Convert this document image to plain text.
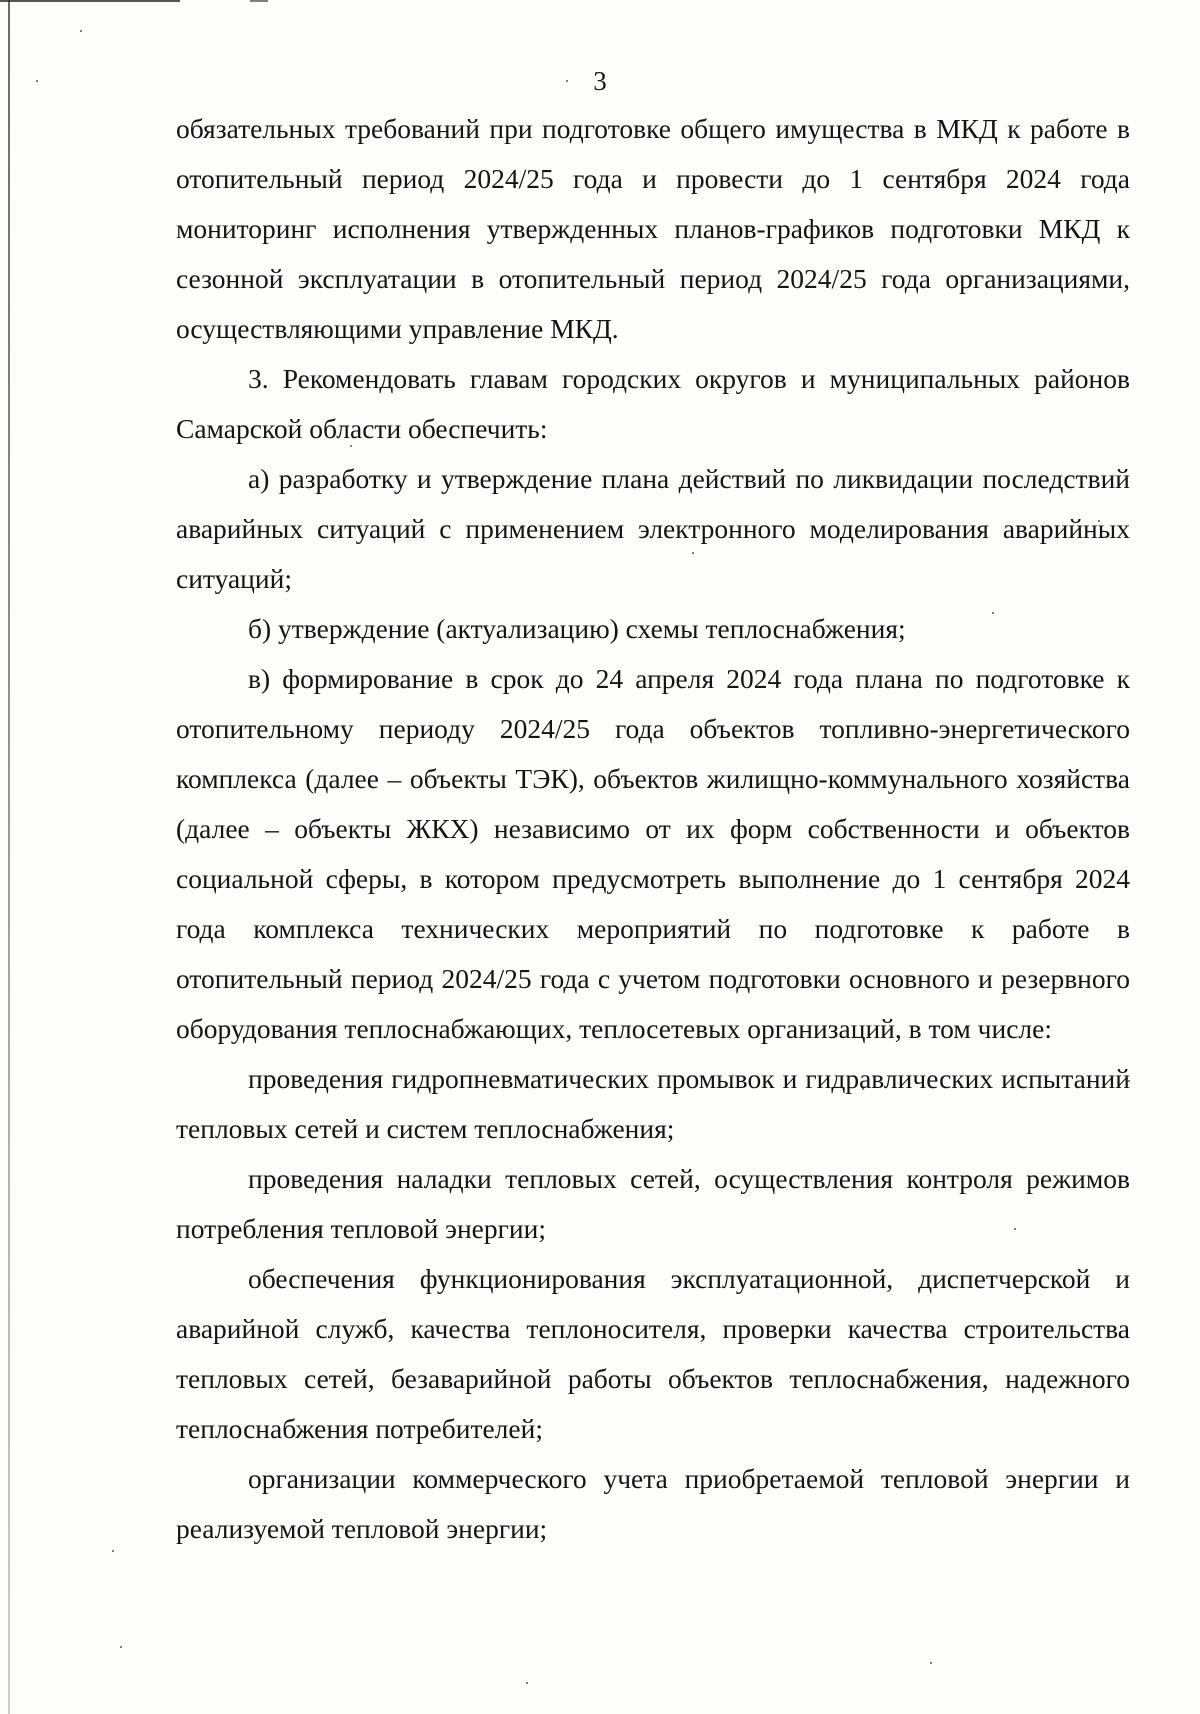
3

обязательных требований при подготовке общего имущества в МКД к работе в отопительный период 2024/25 года и провести до 1 сентября 2024 года мониторинг исполнения утвержденных планов-графиков подготовки МКД к сезонной эксплуатации в отопительный период 2024/25 года организациями, осуществляющими управление МКД.

3. Рекомендовать главам городских округов и муниципальных районов Самарской области обеспечить:

а) разработку и утверждение плана действий по ликвидации последствий аварийных ситуаций с применением электронного моделирования аварийных ситуаций;

б) утверждение (актуализацию) схемы теплоснабжения;

в) формирование в срок до 24 апреля 2024 года плана по подготовке к отопительному периоду 2024/25 года объектов топливно-энергетического комплекса (далее – объекты ТЭК), объектов жилищно-коммунального хозяйства (далее – объекты ЖКХ) независимо от их форм собственности и объектов социальной сферы, в котором предусмотреть выполнение до 1 сентября 2024 года комплекса технических мероприятий по подготовке к работе в отопительный период 2024/25 года с учетом подготовки основного и резервного оборудования теплоснабжающих, теплосетевых организаций, в том числе:

проведения гидропневматических промывок и гидравлических испытаний тепловых сетей и систем теплоснабжения;

проведения наладки тепловых сетей, осуществления контроля режимов потребления тепловой энергии;

обеспечения функционирования эксплуатационной, диспетчерской и аварийной служб, качества теплоносителя, проверки качества строительства тепловых сетей, безаварийной работы объектов теплоснабжения, надежного теплоснабжения потребителей;

организации коммерческого учета приобретаемой тепловой энергии и реализуемой тепловой энергии;
